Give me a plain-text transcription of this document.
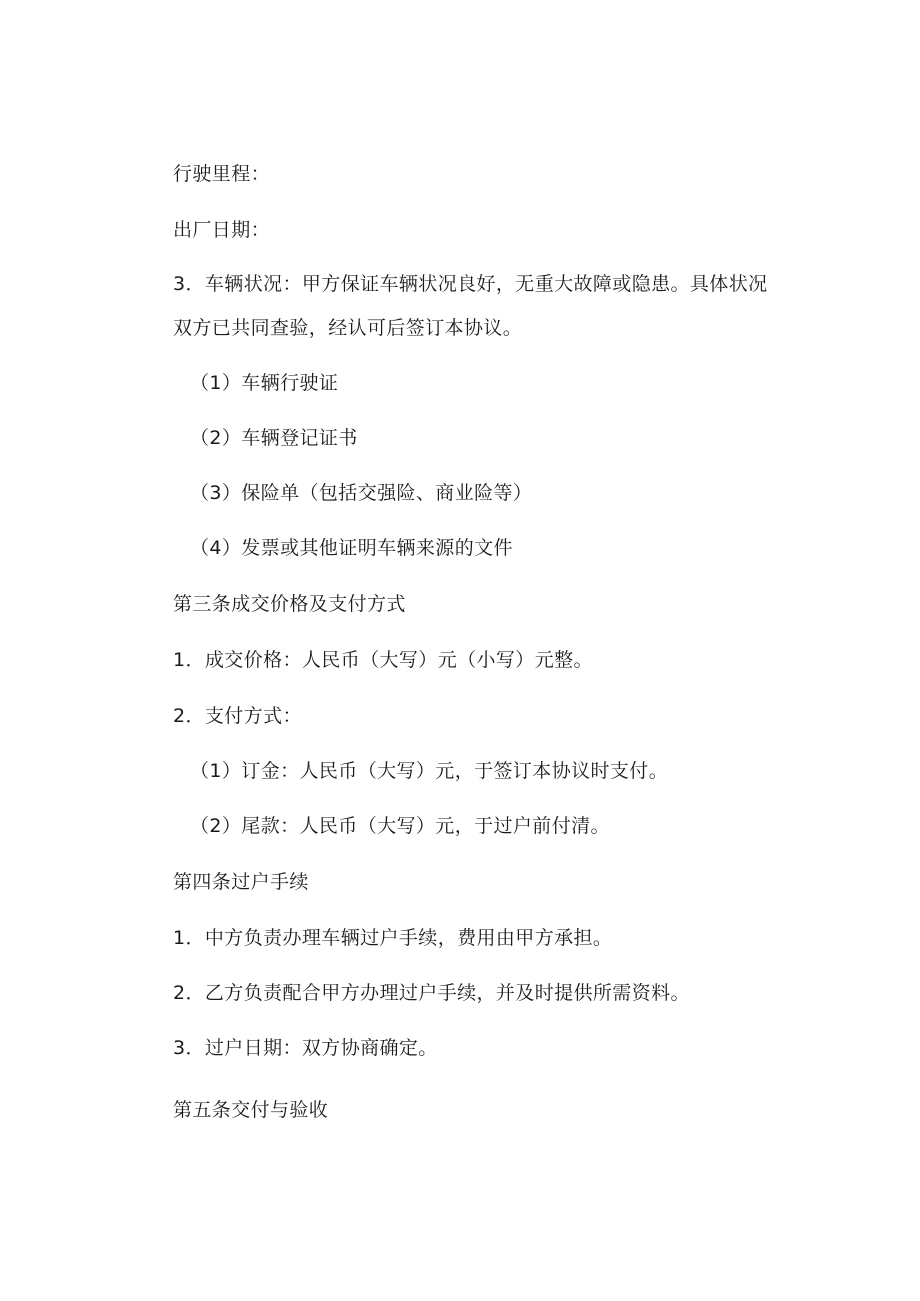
行驶里程：
出厂日期：
3．车辆状况：甲方保证车辆状况良好，无重大故障或隐患。具体状况
双方已共同查验，经认可后签订本协议。
（1）车辆行驶证
（2）车辆登记证书
（3）保险单（包括交强险、商业险等）
（4）发票或其他证明车辆来源的文件
第三条成交价格及支付方式
1．成交价格：人民币（大写）元（小写）元整。
2．支付方式：
（1）订金：人民币（大写）元，于签订本协议时支付。
（2）尾款：人民币（大写）元，于过户前付清。
第四条过户手续
1．中方负责办理车辆过户手续，费用由甲方承担。
2．乙方负责配合甲方办理过户手续，并及时提供所需资料。
3．过户日期：双方协商确定。
第五条交付与验收
